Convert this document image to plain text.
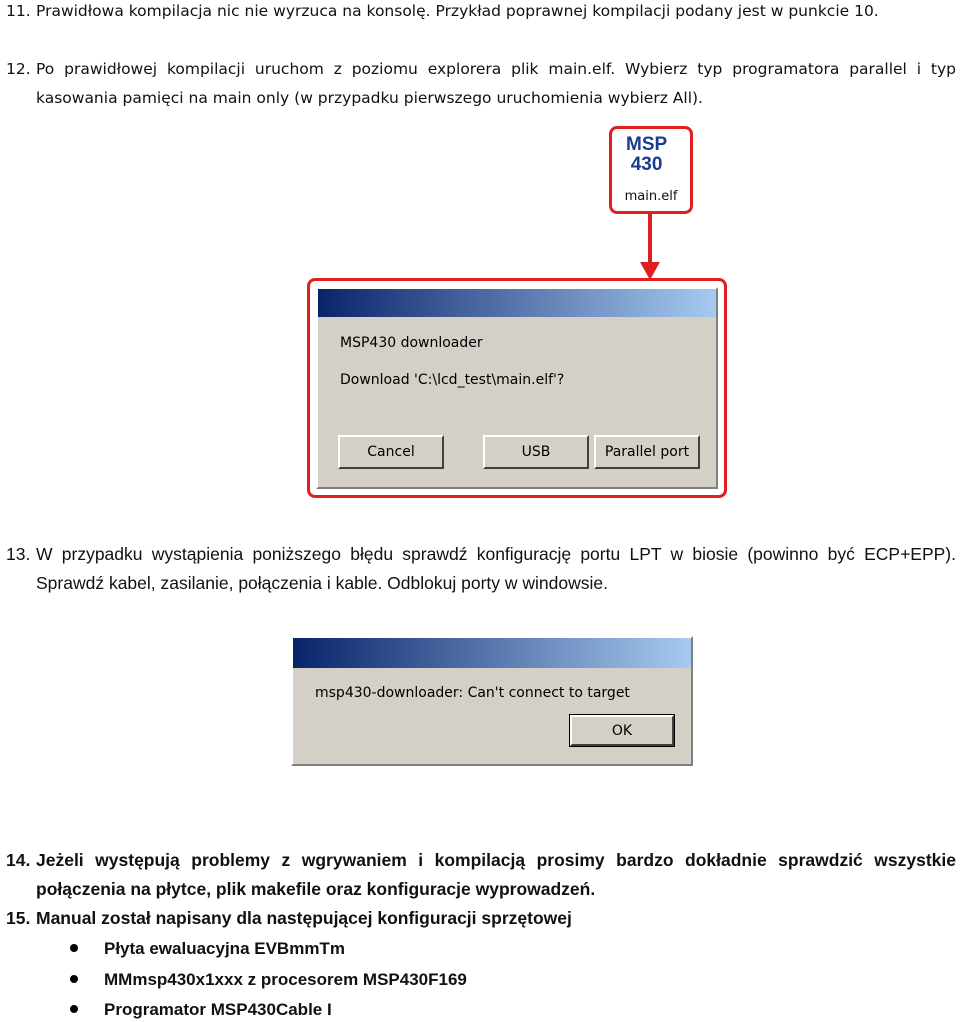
11. Prawidłowa kompilacja nic nie wyrzuca na konsolę. Przykład poprawnej kompilacji podany jest w punkcie 10.
12. Po prawidłowej kompilacji uruchom z poziomu explorera plik main.elf. Wybierz typ programatora parallel i typ kasowania pamięci na main only (w przypadku pierwszego uruchomienia wybierz All).
MSP
430
main.elf
MSP430 downloader
Download 'C:\lcd_test\main.elf'?
Cancel	USB	Parallel port
13. W przypadku wystąpienia poniższego błędu sprawdź konfigurację portu LPT w biosie (powinno być ECP+EPP). Sprawdź kabel, zasilanie, połączenia i kable. Odblokuj porty w windowsie.
msp430-downloader: Can't connect to target
OK
14. Jeżeli występują problemy z wgrywaniem i kompilacją prosimy bardzo dokładnie sprawdzić wszystkie połączenia na płytce, plik makefile oraz konfiguracje wyprowadzeń.
15. Manual został napisany dla następującej konfiguracji sprzętowej
Płyta ewaluacyjna EVBmmTm
MMmsp430x1xxx z procesorem MSP430F169
Programator MSP430Cable I
